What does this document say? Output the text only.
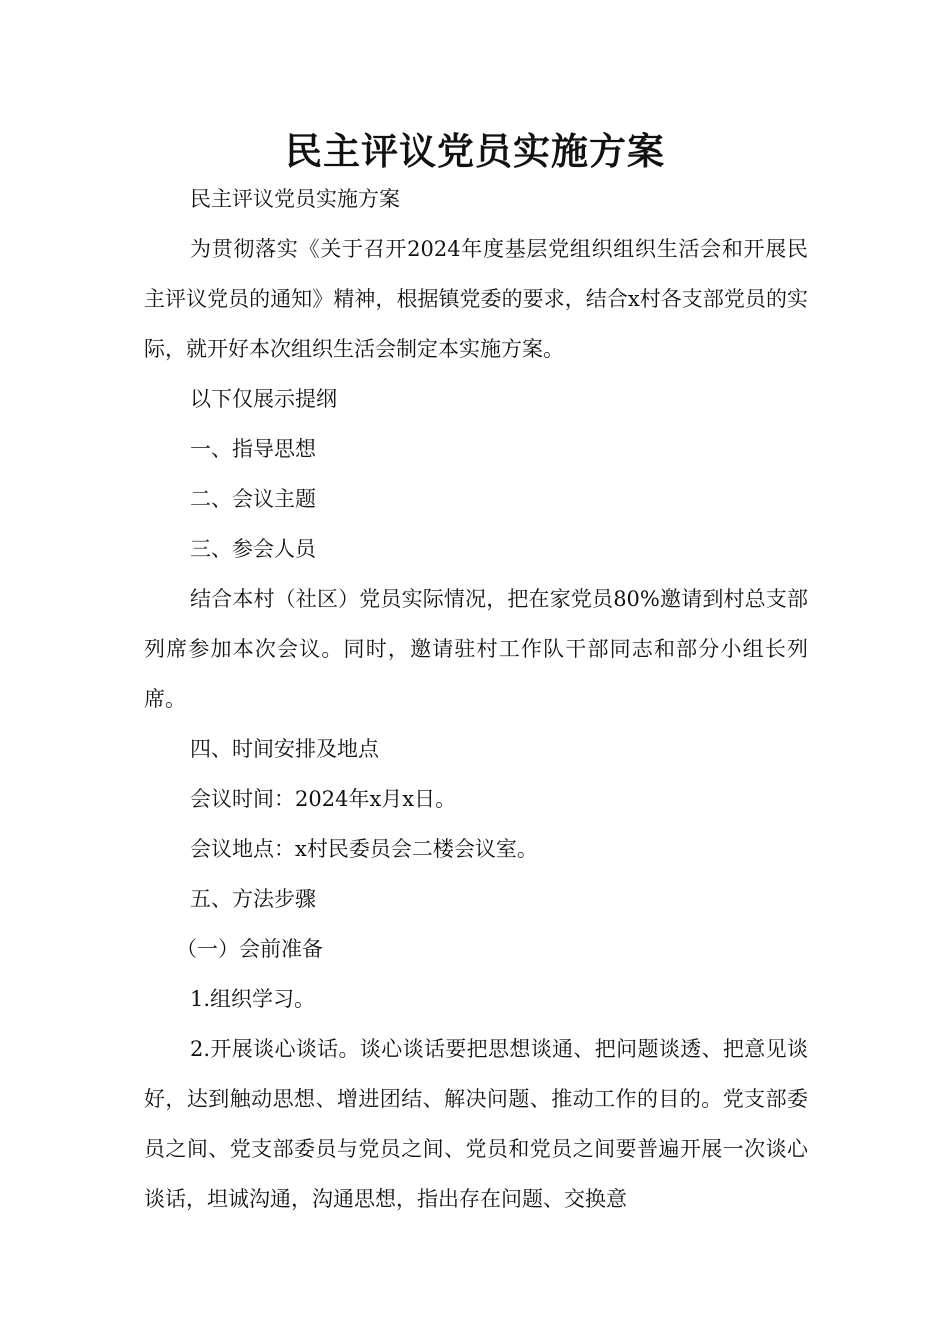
民主评议党员实施方案

民主评议党员实施方案

为贯彻落实《关于召开2024年度基层党组织组织生活会和开展民主评议党员的通知》精神，根据镇党委的要求，结合x村各支部党员的实际，就开好本次组织生活会制定本实施方案。

以下仅展示提纲

一、指导思想

二、会议主题

三、参会人员

结合本村（社区）党员实际情况，把在家党员80%邀请到村总支部列席参加本次会议。同时，邀请驻村工作队干部同志和部分小组长列席。

四、时间安排及地点

会议时间：2024年x月x日。

会议地点：x村民委员会二楼会议室。

五、方法步骤

（一）会前准备

1.组织学习。

2.开展谈心谈话。谈心谈话要把思想谈通、把问题谈透、把意见谈好，达到触动思想、增进团结、解决问题、推动工作的目的。党支部委员之间、党支部委员与党员之间、党员和党员之间要普遍开展一次谈心谈话，坦诚沟通，沟通思想，指出存在问题、交换意
